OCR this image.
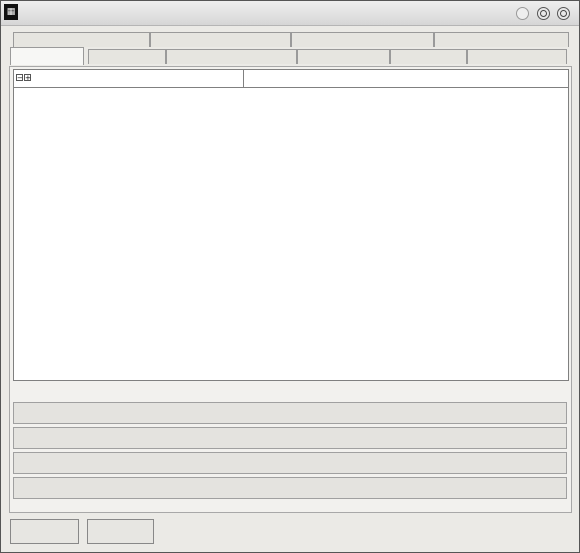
▦
− +
